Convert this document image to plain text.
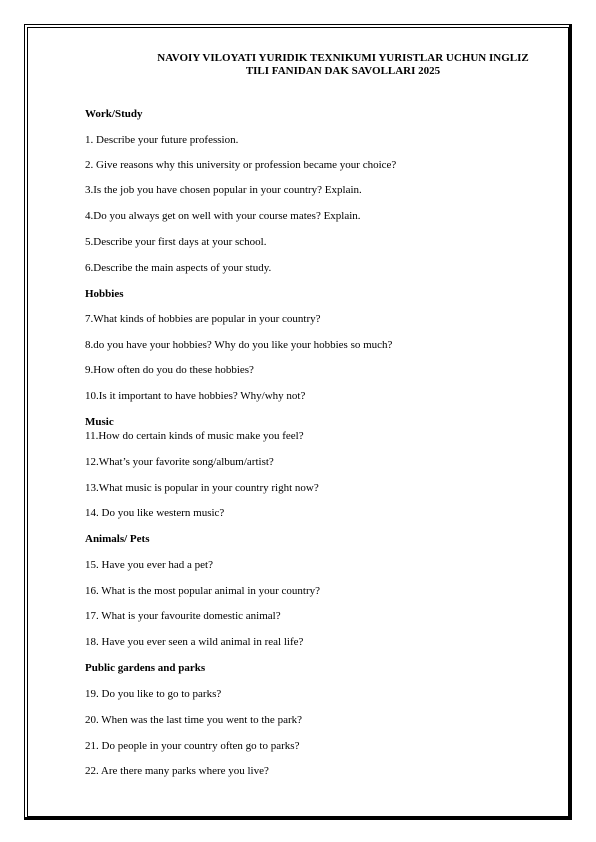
NAVOIY VILOYATI YURIDIK TEXNIKUMI YURISTLAR UCHUN INGLIZ
TILI FANIDAN DAK SAVOLLARI 2025
Work/Study
1. Describe your future profession.
2. Give reasons why this university or profession became your choice?
3.Is the job you have chosen popular in your country? Explain.
4.Do you always get on well with your course mates? Explain.
5.Describe your first days at your school.
6.Describe the main aspects of your study.
Hobbies
7.What kinds of hobbies are popular in your country?
8.do you have your hobbies? Why do you like your hobbies so much?
9.How often do you do these hobbies?
10.Is it important to have hobbies? Why/why not?
Music
11.How do certain kinds of music make you feel?
12.What’s your favorite song/album/artist?
13.What music is popular in your country right now?
14. Do you like western music?
Animals/ Pets
15. Have you ever had a pet?
16. What is the most popular animal in your country?
17. What is your favourite domestic animal?
18. Have you ever seen a wild animal in real life?
Public gardens and parks
19. Do you like to go to parks?
20. When was the last time you went to the park?
21. Do people in your country often go to parks?
22. Are there many parks where you live?
